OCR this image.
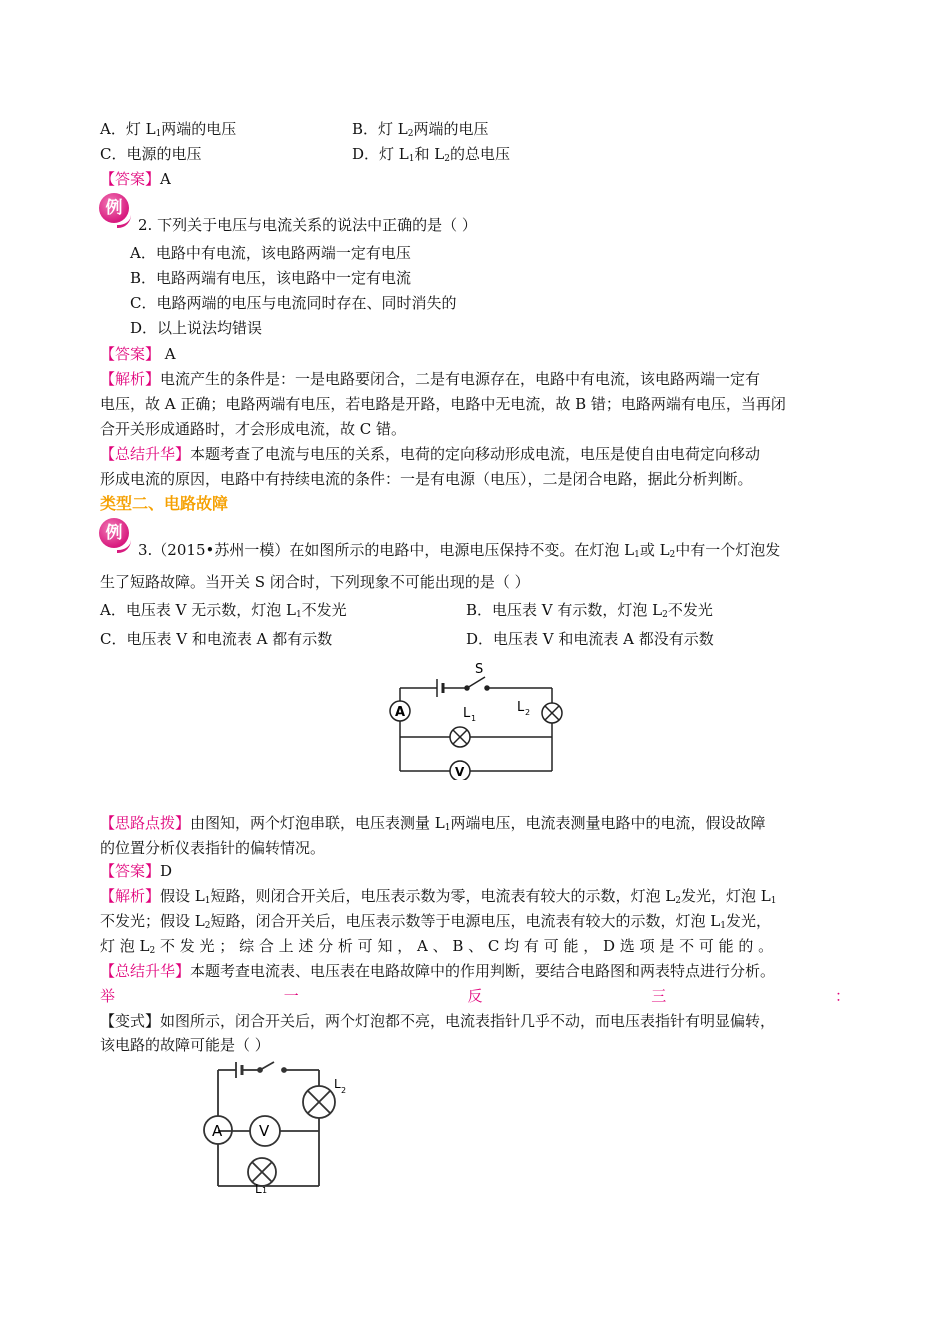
A．灯 $L_1$两端的电压	B．灯 $L_2$两端的电压
C．电源的电压	D．灯 $L_1$和 $L_2$的总电压
【答案】A
例
2. 下列关于电压与电流关系的说法中正确的是（ ）
A．电路中有电流，该电路两端一定有电压
B．电路两端有电压，该电路中一定有电流
C．电路两端的电压与电流同时存在、同时消失的
D．以上说法均错误
【答案】 A
【解析】电流产生的条件是：一是电路要闭合，二是有电源存在，电路中有电流，该电路两端一定有
电压，故 A 正确；电路两端有电压，若电路是开路，电路中无电流，故 B 错；电路两端有电压，当再闭
合开关形成通路时，才会形成电流，故 C 错。
【总结升华】本题考查了电流与电压的关系，电荷的定向移动形成电流，电压是使自由电荷定向移动
形成电流的原因，电路中有持续电流的条件：一是有电源（电压），二是闭合电路，据此分析判断。
类型二、电路故障
例
3.（2015•苏州一模）在如图所示的电路中，电源电压保持不变。在灯泡 $L_1$或 $L_2$中有一个灯泡发
生了短路故障。当开关 S 闭合时，下列现象不可能出现的是（ ）
A．电压表 V 无示数，灯泡 $L_1$不发光	B．电压表 V 有示数，灯泡 $L_2$不发光
C．电压表 V 和电流表 A 都有示数	D．电压表 V 和电流表 A 都没有示数
S
A
V
L 1
L 2
【思路点拨】由图知，两个灯泡串联，电压表测量 $L_1$两端电压，电流表测量电路中的电流，假设故障
的位置分析仪表指针的偏转情况。
【答案】D
【解析】假设 $L_1$短路，则闭合开关后，电压表示数为零，电流表有较大的示数，灯泡 $L_2$发光，灯泡 $L_1$
不发光；假设 $L_2$短路，闭合开关后，电压表示数等于电源电压，电流表有较大的示数，灯泡 $L_1$发光，
灯 泡 $L_2$ 不 发 光 ； 综 合 上 述 分 析 可 知 ， A 、 B 、 C 均 有 可 能 ， D 选 项 是 不 可 能 的 。
【总结升华】本题考查电流表、电压表在电路故障中的作用判断，要结合电路图和两表特点进行分析。
举	一	反	三	：
【变式】如图所示，闭合开关后，两个灯泡都不亮，电流表指针几乎不动，而电压表指针有明显偏转，
该电路的故障可能是（ ）
A V
L 1
L 2
